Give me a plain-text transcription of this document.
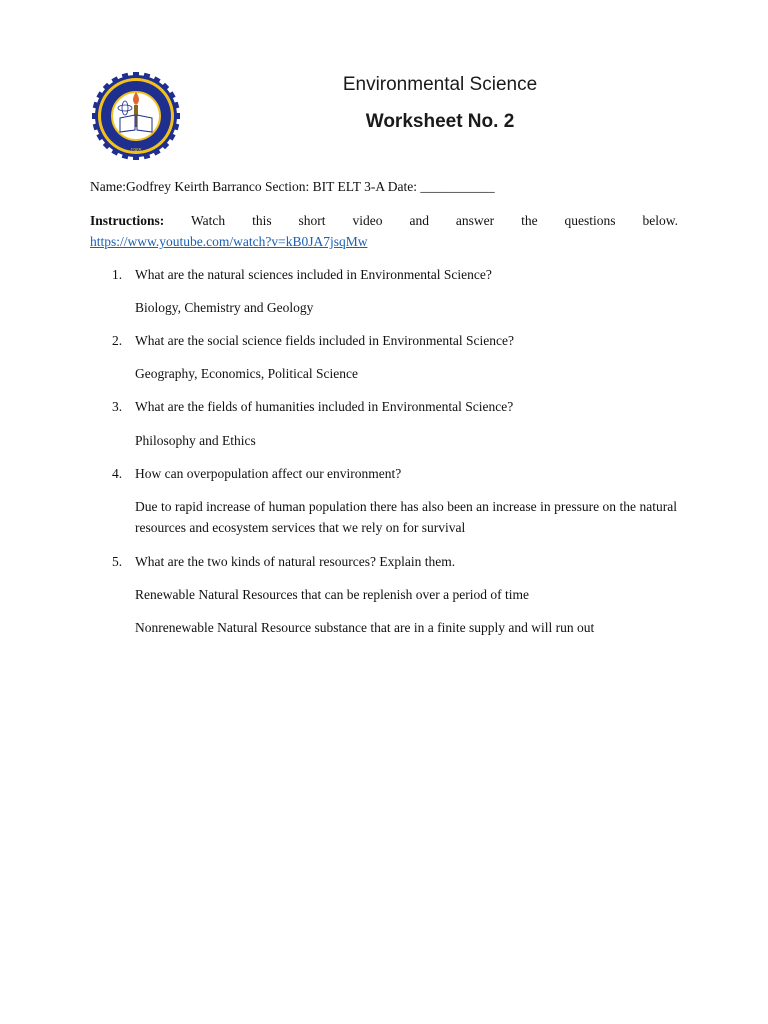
1965
Environmental Science
Worksheet No. 2
Name:Godfrey Keirth Barranco Section: BIT ELT 3-A Date: ___________
Instructions: Watch this short video and answer the questions below.
https://www.youtube.com/watch?v=kB0JA7jsqMw
1. What are the natural sciences included in Environmental Science?
Biology, Chemistry and Geology
2. What are the social science fields included in Environmental Science?
Geography, Economics, Political Science
3. What are the fields of humanities included in Environmental Science?
Philosophy and Ethics
4. How can overpopulation affect our environment?
Due to rapid increase of human population there has also been an increase in pressure on the natural resources and ecosystem services that we rely on for survival
5. What are the two kinds of natural resources? Explain them.
Renewable Natural Resources that can be replenish over a period of time
Nonrenewable Natural Resource substance that are in a finite supply and will run out
